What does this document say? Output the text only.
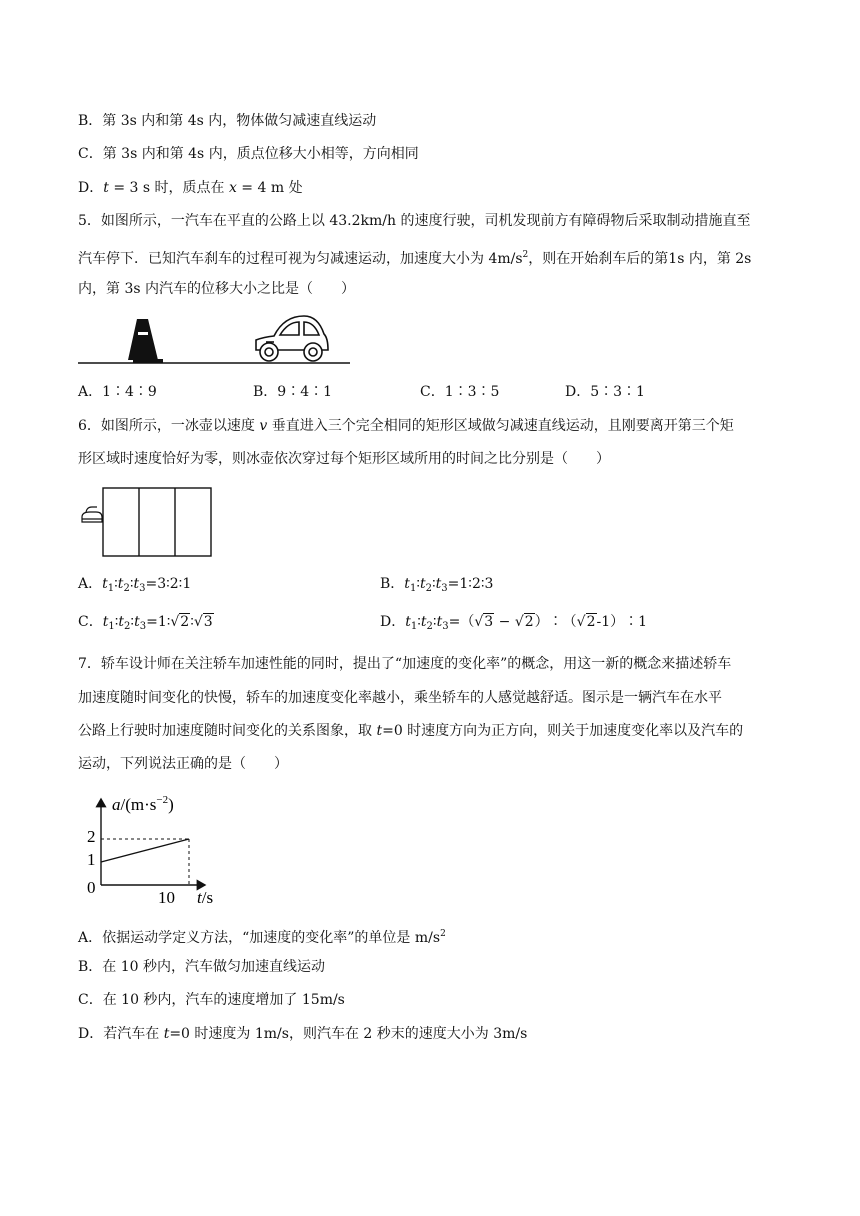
B．第 3s 内和第 4s 内，物体做匀减速直线运动
C．第 3s 内和第 4s 内，质点位移大小相等，方向相同
D．t = 3 s 时，质点在 x = 4 m 处
5．如图所示，一汽车在平直的公路上以 43.2km/h 的速度行驶，司机发现前方有障碍物后采取制动措施直至
汽车停下．已知汽车刹车的过程可视为匀减速运动，加速度大小为 $4m/s^2$，则在开始刹车后的第1s 内，第 2s
内，第 3s 内汽车的位移大小之比是（　　）
A．1∶4∶9	B．9∶4∶1	C．1∶3∶5	D．5∶3∶1
6．如图所示，一冰壶以速度 v 垂直进入三个完全相同的矩形区域做匀减速直线运动，且刚要离开第三个矩
形区域时速度恰好为零，则冰壶依次穿过每个矩形区域所用的时间之比分别是（　　）
A．$t_1∶t_2∶t_3=3∶2∶1$	B．$t_1∶t_2∶t_3=1∶2∶3$
C．$t_1∶t_2∶t_3=1∶√2∶√3$	D．$t_1∶t_2∶t_3=(√3$ − √2）∶（√2-1）∶1
7．轿车设计师在关注轿车加速性能的同时，提出了“加速度的变化率”的概念，用这一新的概念来描述轿车
加速度随时间变化的快慢，轿车的加速度变化率越小，乘坐轿车的人感觉越舒适。图示是一辆汽车在水平
公路上行驶时加速度随时间变化的关系图象，取 t=0 时速度方向为正方向，则关于加速度变化率以及汽车的
运动，下列说法正确的是（　　）
$a/(m\cdot s^{-2})$
2
1
0
10 t/s
A．依据运动学定义方法，“加速度的变化率”的单位是 $m/s^2$
B．在 10 秒内，汽车做匀加速直线运动
C．在 10 秒内，汽车的速度增加了 15m/s
D．若汽车在 t=0 时速度为 1m/s，则汽车在 2 秒末的速度大小为 3m/s
